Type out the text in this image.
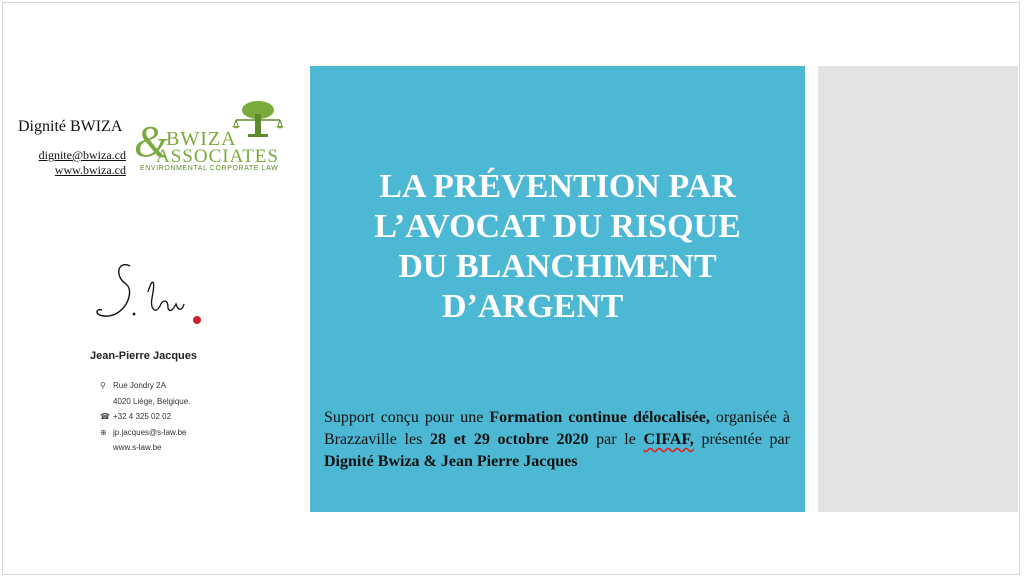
Dignité BWIZA
dignite@bwiza.cd
www.bwiza.cd
&
BWIZA
ASSOCIATES
ENVIRONMENTAL CORPORATE LAW
Jean-Pierre Jacques
⚲ Rue Jondry 2A
4020 Liège, Belgique.
☎ +32 4 325 02 02
⊕ jp.jacques@s-law.be
www.s-law.be
LA PRÉVENTION PAR
L’AVOCAT DU RISQUE
DU BLANCHIMENT
D’ARGENT
Support conçu pour une Formation continue délocalisée, organisée à Brazzaville les 28 et 29 octobre 2020 par le CIFAF, présentée par Dignité Bwiza & Jean Pierre Jacques
